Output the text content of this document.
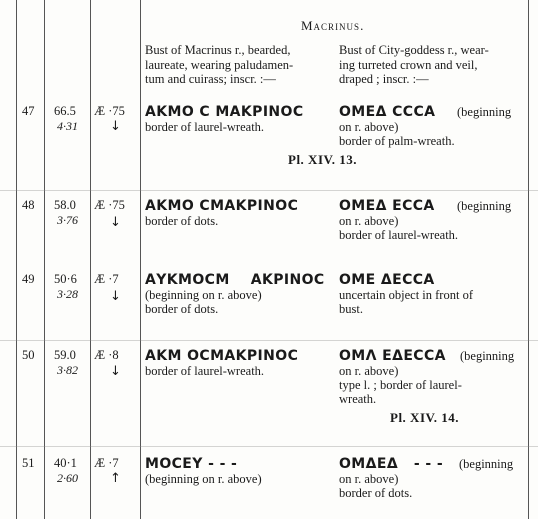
Macrinus.
Bust of Macrinus r., bearded,
laureate, wearing paludamen-
tum and cuirass; inscr. :—
Bust of City-goddess r., wear-
ing turreted crown and veil,
draped ; inscr. :—
47 66.5
4·31
Æ ·75
↓
ΑΚΜΟ C ΜΑΚΡΙΝΟC
border of laurel-wreath.
ΟΜΕΔ CCCA (beginning
on r. above)
border of palm-wreath.
Pl. XIV. 13.
48 58.0
3·76
Æ ·75
↓
ΑΚΜΟ CΜΑΚΡΙΝΟC
border of dots.
ΟΜΕΔ ΕCCΑ (beginning
on r. above)
border of laurel-wreath.
49 50·6
3·28
Æ ·7
↓
ΑΥΚΜΟCΜ    ΑΚΡΙΝΟC
(beginning on r. above)
border of dots.
ΟΜΕ ΔΕCCΑ
uncertain object in front of
bust.
50 59.0
3·82
Æ ·8
↓
ΑΚΜ ΟCΜΑΚΡΙΝΟC
border of laurel-wreath.
ΟΜΛ ΕΔΕCCΑ (beginning
on r. above)
type l. ; border of laurel-
wreath.
Pl. XIV. 14.
51 40·1
2·60
Æ ·7
↑
ΜΟCΕΥ - - -
(beginning on r. above)
ΟΜΔΕΔ   - - - (beginning
on r. above)
border of dots.
